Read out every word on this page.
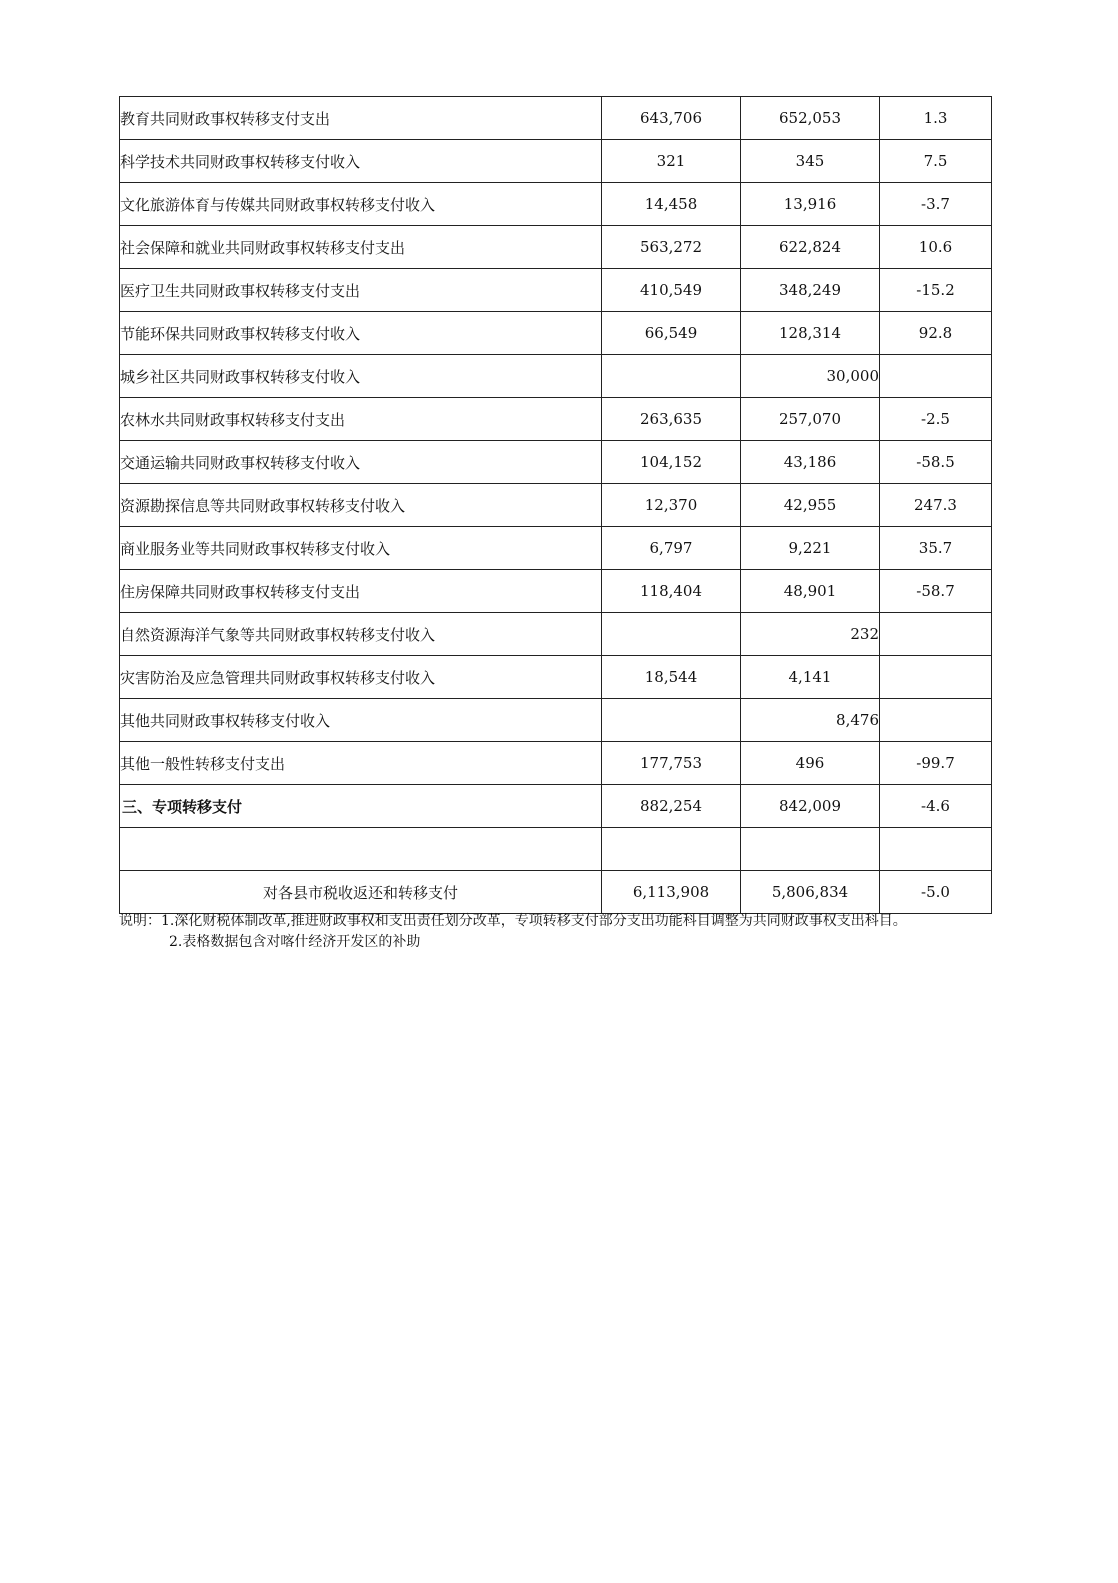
教育共同财政事权转移支付支出	643,706	652,053	1.3
科学技术共同财政事权转移支付收入	321	345	7.5
文化旅游体育与传媒共同财政事权转移支付收入	14,458	13,916	-3.7
社会保障和就业共同财政事权转移支付支出	563,272	622,824	10.6
医疗卫生共同财政事权转移支付支出	410,549	348,249	-15.2
节能环保共同财政事权转移支付收入	66,549	128,314	92.8
城乡社区共同财政事权转移支付收入		30,000	
农林水共同财政事权转移支付支出	263,635	257,070	-2.5
交通运输共同财政事权转移支付收入	104,152	43,186	-58.5
资源勘探信息等共同财政事权转移支付收入	12,370	42,955	247.3
商业服务业等共同财政事权转移支付收入	6,797	9,221	35.7
住房保障共同财政事权转移支付支出	118,404	48,901	-58.7
自然资源海洋气象等共同财政事权转移支付收入		232	
灾害防治及应急管理共同财政事权转移支付收入	18,544	4,141	
其他共同财政事权转移支付收入		8,476	
其他一般性转移支付支出	177,753	496	-99.7
三、专项转移支付	882,254	842,009	-4.6

对各县市税收返还和转移支付	6,113,908	5,806,834	-5.0
说明：1.深化财税体制改革,推进财政事权和支出责任划分改革，专项转移支付部分支出功能科目调整为共同财政事权支出科目。
2.表格数据包含对喀什经济开发区的补助
